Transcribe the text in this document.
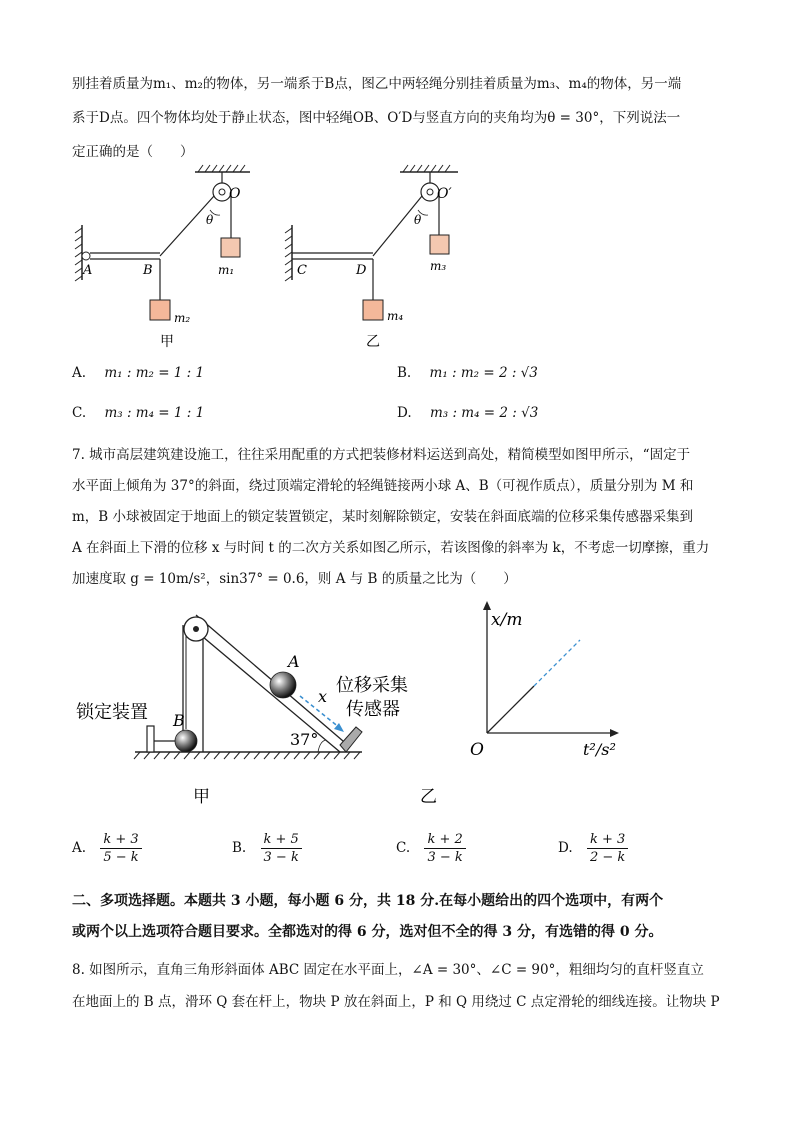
别挂着质量为m₁、m₂的物体，另一端系于B点，图乙中两轻绳分别挂着质量为m₃、m₄的物体，另一端
系于D点。四个物体均处于静止状态，图中轻绳OB、O′D与竖直方向的夹角均为θ = 30°，下列说法一
定正确的是（　　）
O
θ
A	B	m₁
m₂
甲
O′
θ
C	D	m₃
m₄
乙
A. m₁ : m₂ = 1 : 1	B. m₁ : m₂ = 2 : √3
C. m₃ : m₄ = 1 : 1	D. m₃ : m₄ = 2 : √3
7. 城市高层建筑建设施工，往往采用配重的方式把装修材料运送到高处，精简模型如图甲所示，“固定于
水平面上倾角为 37°的斜面，绕过顶端定滑轮的轻绳链接两小球 A、B（可视作质点），质量分别为 M 和
m，B 小球被固定于地面上的锁定装置锁定，某时刻解除锁定，安装在斜面底端的位移采集传感器采集到
A 在斜面上下滑的位移 x 与时间 t 的二次方关系如图乙所示，若该图像的斜率为 k，不考虑一切摩擦，重力
加速度取 g = 10m/s²，sin37° = 0.6，则 A 与 B 的质量之比为（　　）
锁定装置 B
A
x
位移采集
传感器
37°
甲
x/m
O	t²/s²
乙
A. $\frac{k + 3}{5 - k}$	B. $\frac{k + 5}{3 - k}$	C. $\frac{k + 2}{3 - k}$	D. $\frac{k + 3}{2 - k}$
二、多项选择题。本题共 3 小题，每小题 6 分，共 18 分.在每小题给出的四个选项中，有两个
或两个以上选项符合题目要求。全都选对的得 6 分，选对但不全的得 3 分，有选错的得 0 分。
8. 如图所示，直角三角形斜面体 ABC 固定在水平面上，∠A = 30°、∠C = 90°，粗细均匀的直杆竖直立
在地面上的 B 点，滑环 Q 套在杆上，物块 P 放在斜面上，P 和 Q 用绕过 C 点定滑轮的细线连接。让物块 P
